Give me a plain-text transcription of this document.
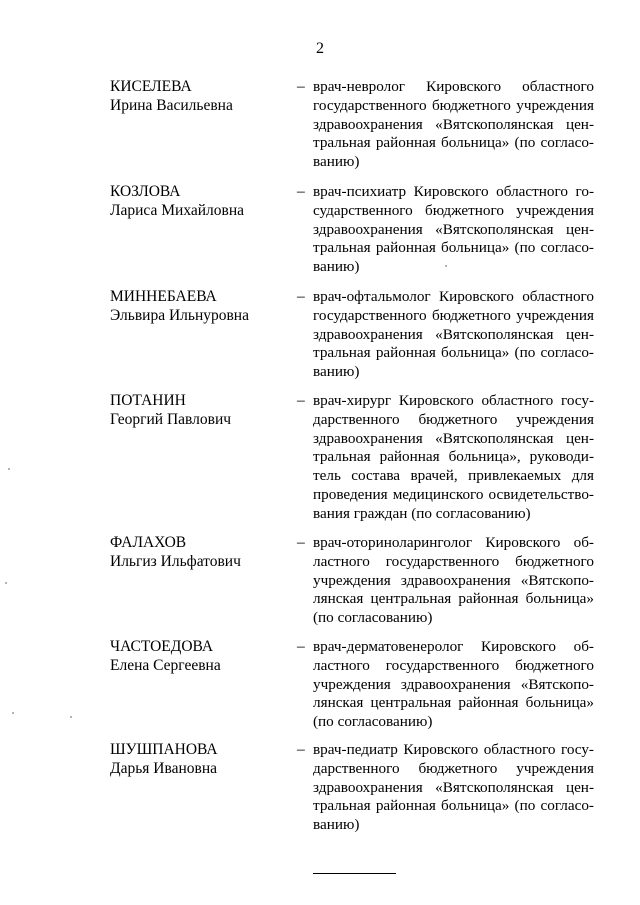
2
КИСЕЛЕВА
Ирина Васильевна
– врач-невролог Кировского областного
государственного бюджетного учреждения
здравоохранения «Вятскополянская цен-
тральная районная больница» (по согласо-
ванию)
КОЗЛОВА
Лариса Михайловна
– врач-психиатр Кировского областного го-
сударственного бюджетного учреждения
здравоохранения «Вятскополянская цен-
тральная районная больница» (по согласо-
ванию)
МИННЕБАЕВА
Эльвира Ильнуровна
– врач-офтальмолог Кировского областного
государственного бюджетного учреждения
здравоохранения «Вятскополянская цен-
тральная районная больница» (по согласо-
ванию)
ПОТАНИН
Георгий Павлович
– врач-хирург Кировского областного госу-
дарственного бюджетного учреждения
здравоохранения «Вятскополянская цен-
тральная районная больница», руководи-
тель состава врачей, привлекаемых для
проведения медицинского освидетельство-
вания граждан (по согласованию)
ФАЛАХОВ
Ильгиз Ильфатович
– врач-оториноларинголог Кировского об-
ластного государственного бюджетного
учреждения здравоохранения «Вятскопо-
лянская центральная районная больница»
(по согласованию)
ЧАСТОЕДОВА
Елена Сергеевна
– врач-дерматовенеролог Кировского об-
ластного государственного бюджетного
учреждения здравоохранения «Вятскопо-
лянская центральная районная больница»
(по согласованию)
ШУШПАНОВА
Дарья Ивановна
– врач-педиатр Кировского областного госу-
дарственного бюджетного учреждения
здравоохранения «Вятскополянская цен-
тральная районная больница» (по согласо-
ванию)
